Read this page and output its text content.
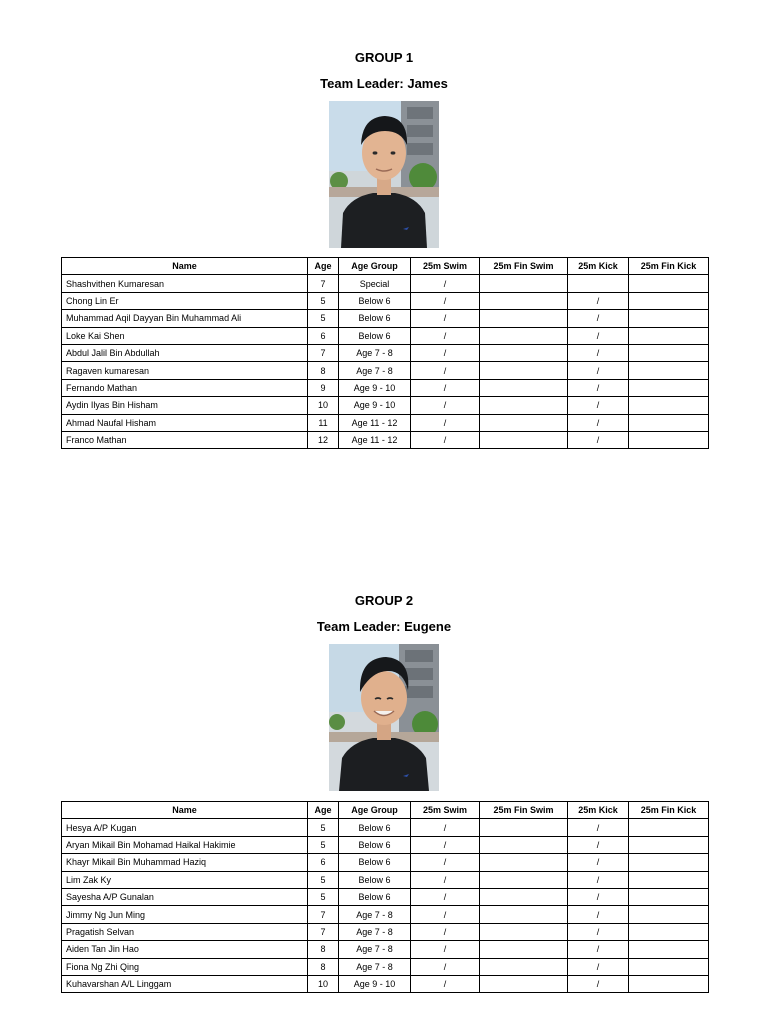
GROUP 1
Team Leader: James
Name	Age	Age Group	25m Swim	25m Fin Swim	25m Kick	25m Fin Kick
Shashvithen Kumaresan	7	Special	/			
Chong Lin Er	5	Below 6	/		/	
Muhammad Aqil Dayyan Bin Muhammad Ali	5	Below 6	/		/	
Loke Kai Shen	6	Below 6	/		/	
Abdul Jalil Bin Abdullah	7	Age 7 - 8	/		/	
Ragaven kumaresan	8	Age 7 - 8	/		/	
Fernando Mathan	9	Age 9 - 10	/		/	
Aydin Ilyas Bin Hisham	10	Age 9 - 10	/		/	
Ahmad Naufal Hisham	11	Age 11 - 12	/		/	
Franco Mathan	12	Age 11 - 12	/		/	
GROUP 2
Team Leader: Eugene
Name	Age	Age Group	25m Swim	25m Fin Swim	25m Kick	25m Fin Kick
Hesya A/P Kugan	5	Below 6	/		/	
Aryan Mikail Bin Mohamad Haikal Hakimie	5	Below 6	/		/	
Khayr Mikail Bin Muhammad Haziq	6	Below 6	/		/	
Lim Zak Ky	5	Below 6	/		/	
Sayesha A/P Gunalan	5	Below 6	/		/	
Jimmy Ng Jun Ming	7	Age 7 - 8	/		/	
Pragatish Selvan	7	Age 7 - 8	/		/	
Aiden Tan Jin Hao	8	Age 7 - 8	/		/	
Fiona Ng Zhi Qing	8	Age 7 - 8	/		/	
Kuhavarshan A/L Linggam	10	Age 9 - 10	/		/	
